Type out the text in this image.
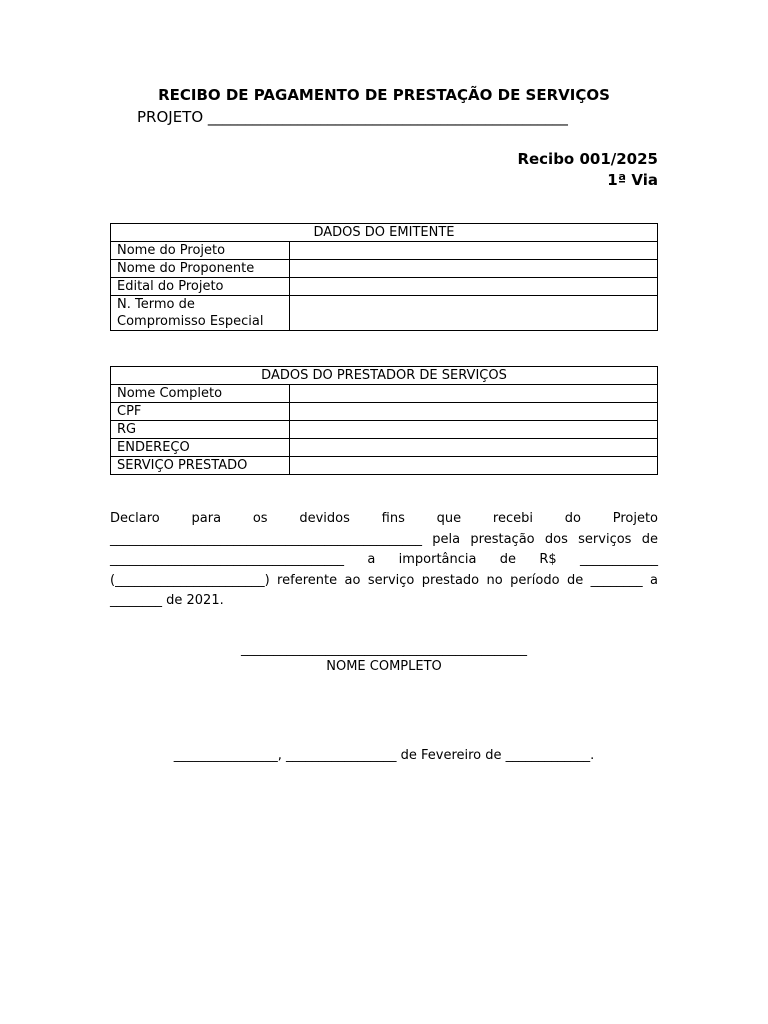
RECIBO DE PAGAMENTO DE PRESTAÇÃO DE SERVIÇOS
PROJETO ________________________________________________
Recibo 001/2025
1ª Via
DADOS DO EMITENTE	
Nome do Projeto	
Nome do Proponente	
Edital do Projeto	
N. Termo de Compromisso Especial	
DADOS DO PRESTADOR DE SERVIÇOS	
Nome Completo	
CPF	
RG	
ENDEREÇO	
SERVIÇO PRESTADO	

Declaro para os devidos fins que recebi do Projeto ________________________________________________ pela prestação dos serviços de ____________________________________ a importância de R$ ____________ (_______________________) referente ao serviço prestado no período de ________ a ________ de 2021.

____________________________________________
NOME COMPLETO
________________, _________________ de Fevereiro de _____________.
